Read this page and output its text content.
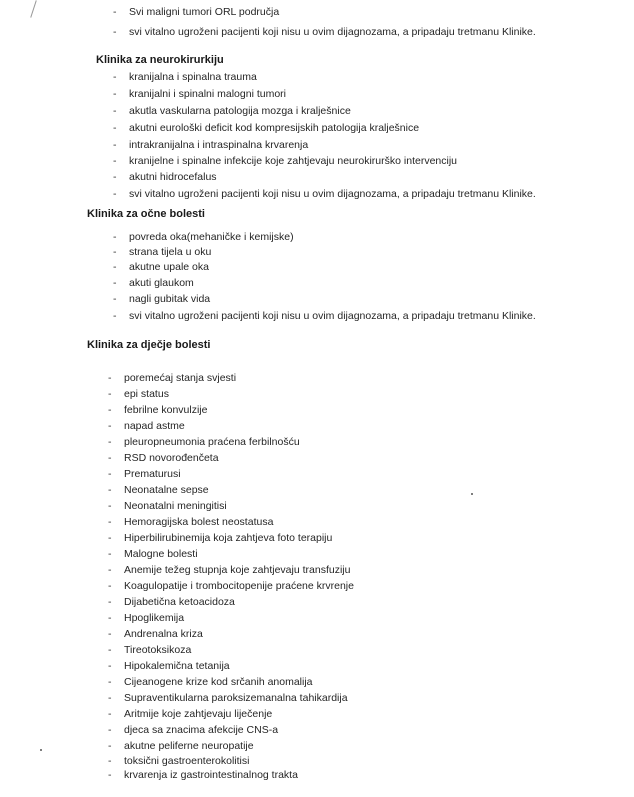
- Svi maligni tumori ORL područja
- svi vitalno ugroženi pacijenti koji nisu u ovim dijagnozama, a pripadaju tretmanu Klinike.
Klinika za neurokirurkiju
- kranijalna i spinalna trauma
- kranijalni i spinalni malogni tumori
- akutla vaskularna patologija mozga i kralješnice
- akutni eurološki deficit kod kompresijskih patologija kralješnice
- intrakranijalna i intraspinalna krvarenja
- kranijelne i spinalne infekcije koje zahtjevaju neurokirurško intervenciju
- akutni hidrocefalus
- svi vitalno ugroženi pacijenti koji nisu u ovim dijagnozama, a pripadaju tretmanu Klinike.
Klinika za očne bolesti
- povreda oka(mehaničke i kemijske)
- strana tijela u oku
- akutne upale oka
- akuti glaukom
- nagli gubitak vida
- svi vitalno ugroženi pacijenti koji nisu u ovim dijagnozama, a pripadaju tretmanu Klinike.
Klinika za dječje bolesti
- poremećaj stanja svjesti
- epi status
- febrilne konvulzije
- napad astme
- pleuropneumonia praćena ferbilnošću
- RSD novorođenčeta
- Prematurusi
- Neonatalne sepse
- Neonatalni meningitisi
- Hemoragijska bolest neostatusa
- Hiperbilirubinemija koja zahtjeva foto terapiju
- Malogne bolesti
- Anemije težeg stupnja koje zahtjevaju transfuziju
- Koagulopatije i trombocitopenije praćene krvrenje
- Dijabetična ketoacidoza
- Hpoglikemija
- Andrenalna kriza
- Tireotoksikoza
- Hipokalemična tetanija
- Cijeanogene krize kod srčanih anomalija
- Supraventikularna paroksizemanalna tahikardija
- Aritmije koje zahtjevaju liječenje
- djeca sa znacima afekcije CNS-a
- akutne peliferne neuropatije
- toksični gastroenterokolitisi
- krvarenja iz gastrointestinalnog trakta
